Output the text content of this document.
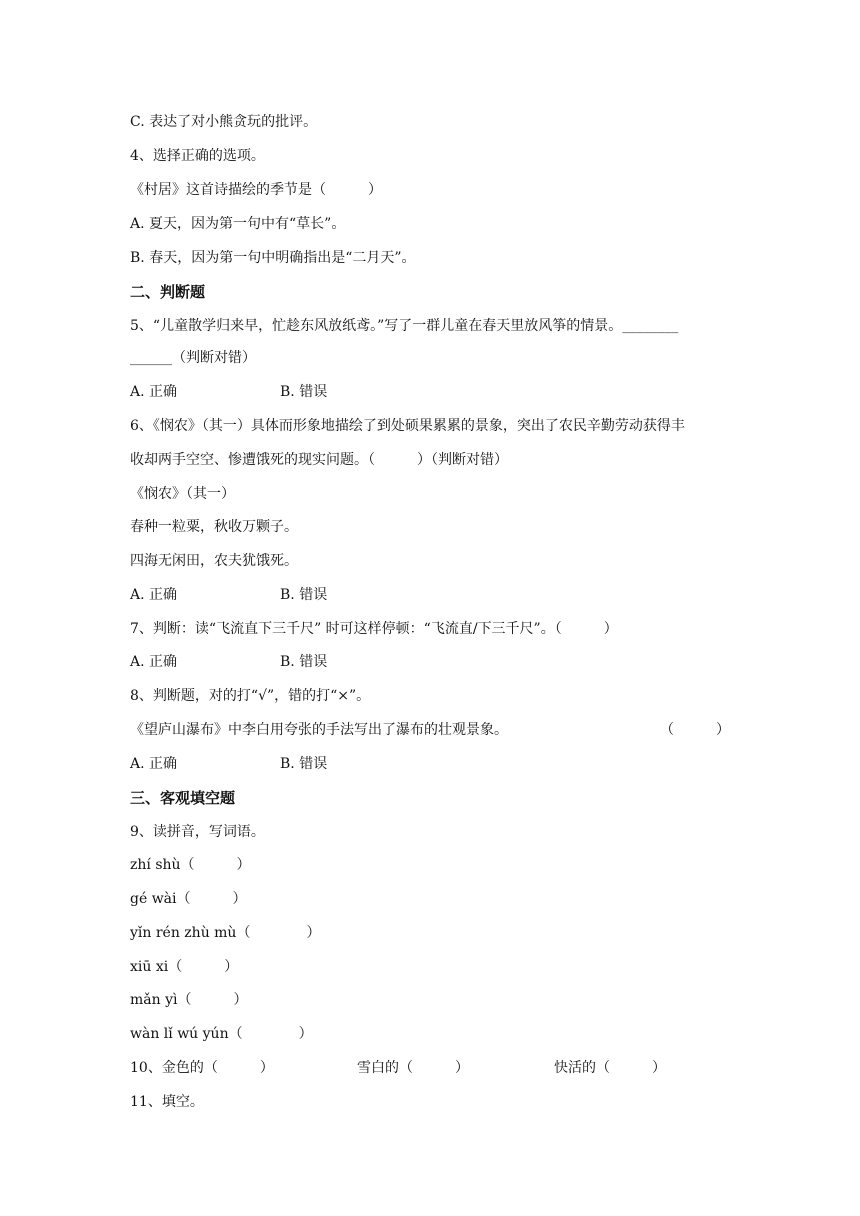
C. 表达了对小熊贪玩的批评。
4、选择正确的选项。
《村居》这首诗描绘的季节是（　　　）
A. 夏天，因为第一句中有“草长”。
B. 春天，因为第一句中明确指出是“二月天”。
二、判断题
5、“儿童散学归来早，忙趁东风放纸鸢。”写了一群儿童在春天里放风筝的情景。________
______（判断对错）
A. 正确	B. 错误
6、《悯农》（其一）具体而形象地描绘了到处硕果累累的景象，突出了农民辛勤劳动获得丰
收却两手空空、惨遭饿死的现实问题。（　　　）（判断对错）
《悯农》（其一）
春种一粒粟，秋收万颗子。
四海无闲田，农夫犹饿死。
A. 正确	B. 错误
7、判断：读“飞流直下三千尺” 时可这样停顿：“飞流直/下三千尺”。（　　　）
A. 正确	B. 错误
8、判断题，对的打“√”，错的打“×”。
《望庐山瀑布》中李白用夸张的手法写出了瀑布的壮观景象。	（　　　）
A. 正确	B. 错误
三、客观填空题
9、读拼音，写词语。
zhí shù（　　　）
gé wài（　　　）
yǐn rén zhù mù（　　　　）
xiū xi（　　　）
mǎn yì（　　　）
wàn lǐ wú yún（　　　　）
10、金色的（　　　）	雪白的（　　　）	快活的（　　　）
11、填空。
